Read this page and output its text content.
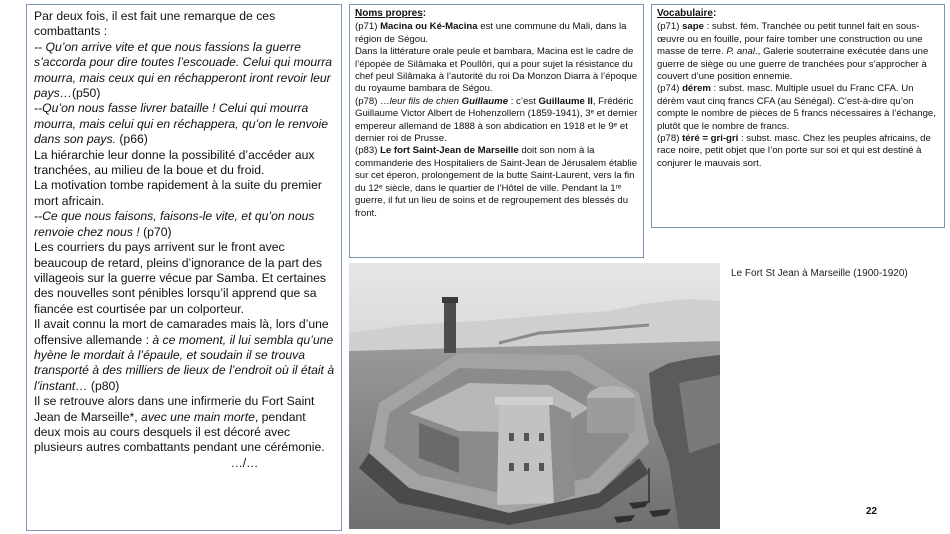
Par deux fois, il est fait une remarque de ces combattants :

-- Qu’on arrive vite et que nous fassions la guerre s’accorda pour dire toutes l’escouade. Celui qui mourra mourra, mais ceux qui en réchapperont iront revoir leur pays…(p50)

--Qu’on nous fasse livrer bataille ! Celui qui mourra mourra, mais celui qui en réchappera, qu’on le renvoie dans son pays. (p66)

La hiérarchie leur donne la possibilité d’accéder aux tranchées, au milieu de la boue et du froid.

La motivation tombe rapidement à la suite du premier mort africain.

--Ce que nous faisons, faisons-le vite, et qu’on nous renvoie chez nous ! (p70)

Les courriers du pays arrivent sur le front avec beaucoup de retard, pleins d’ignorance de la part des villageois sur la guerre vécue par Samba. Et certaines des nouvelles sont pénibles lorsqu’il apprend que sa fiancée est courtisée par un colporteur.

Il avait connu la mort de camarades mais là, lors d’une offensive allemande : à ce moment, il lui sembla qu’une hyène le mordait à l’épaule, et soudain il se trouva transporté à des milliers de lieux de l’endroit où il était à l’instant… (p80)

Il se retrouve alors dans une infirmerie du Fort Saint Jean de Marseille*, avec une main morte, pendant deux mois au cours desquels il est décoré avec plusieurs autres combattants pendant une cérémonie.

…/…

Noms propres:

(p71) Macina ou Ké-Macina est une commune du Mali, dans la région de Ségou.

Dans la littérature orale peule et bambara, Macina est le cadre de l’épopée de Silâmaka et Poullôri, qui a pour sujet la résistance du chef peul Silâmaka à l’autorité du roi Da Monzon Diarra à l’époque du royaume bambara de Ségou.

(p78) …leur fils de chien Guillaume : c’est Guillaume II, Frédéric Guillaume Victor Albert de Hohenzollern (1859-1941), 3ᵉ et dernier empereur allemand de 1888 à son abdication en 1918 et le 9ᵉ et dernier roi de Prusse.

(p83) Le fort Saint-Jean de Marseille doit son nom à la commanderie des Hospitaliers de Saint-Jean de Jérusalem établie sur cet éperon, prolongement de la butte Saint-Laurent, vers la fin du 12ᵉ siècle, dans le quartier de l’Hôtel de ville. Pendant la 1ʳᵉ guerre, il fut un lieu de soins et de regroupement des blessés du front.

Vocabulaire:

(p71) sape : subst. fém. Tranchée ou petit tunnel fait en sous-œuvre ou en fouille, pour faire tomber une construction ou une masse de terre. P. anal., Galerie souterraine exécutée dans une guerre de siège ou une guerre de tranchées pour s’approcher à couvert d’une position ennemie.

(p74) dérem : subst. masc. Multiple usuel du Franc CFA. Un dérèm vaut cinq francs CFA (au Sénégal). C’est-à-dire qu’on compte le nombre de pièces de 5 francs nécessaires à l’échange, plutôt que le nombre de francs.

(p78) téré = gri-gri : subst. masc. Chez les peuples africains, de race noire, petit objet que l’on porte sur soi et qui est destiné à conjurer le mauvais sort.

Le Fort St Jean à Marseille (1900-1920)
22
